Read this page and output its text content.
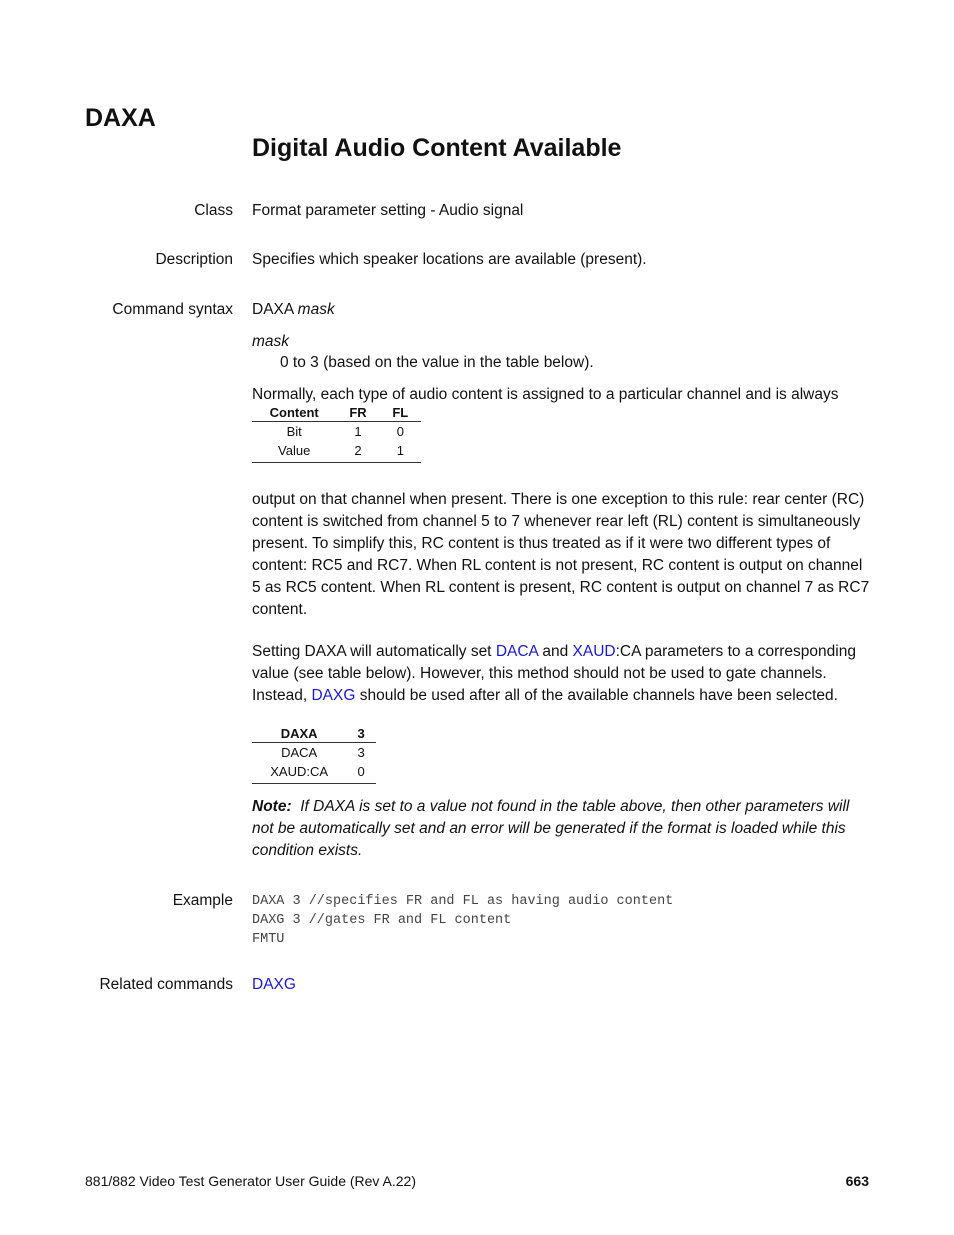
DAXA
Digital Audio Content Available
Class Format parameter setting - Audio signal
Description Specifies which speaker locations are available (present).
Command syntax DAXA mask
mask
0 to 3 (based on the value in the table below).
Normally, each type of audio content is assigned to a particular channel and is always
Content	FR	FL
Bit	1	0
Value	2	1
output on that channel when present. There is one exception to this rule: rear center (RC) content is switched from channel 5 to 7 whenever rear left (RL) content is simultaneously present. To simplify this, RC content is thus treated as if it were two different types of content: RC5 and RC7. When RL content is not present, RC content is output on channel 5 as RC5 content. When RL content is present, RC content is output on channel 7 as RC7 content.
Setting DAXA will automatically set DACA and XAUD:CA parameters to a corresponding value (see table below). However, this method should not be used to gate channels. Instead, DAXG should be used after all of the available channels have been selected.
DAXA	3
DACA	3
XAUD:CA	0
Note: If DAXA is set to a value not found in the table above, then other parameters will not be automatically set and an error will be generated if the format is loaded while this condition exists.
Example DAXA 3 //specifies FR and FL as having audio content
DAXG 3 //gates FR and FL content
FMTU
Related commands DAXG
881/882 Video Test Generator User Guide (Rev A.22)	663
